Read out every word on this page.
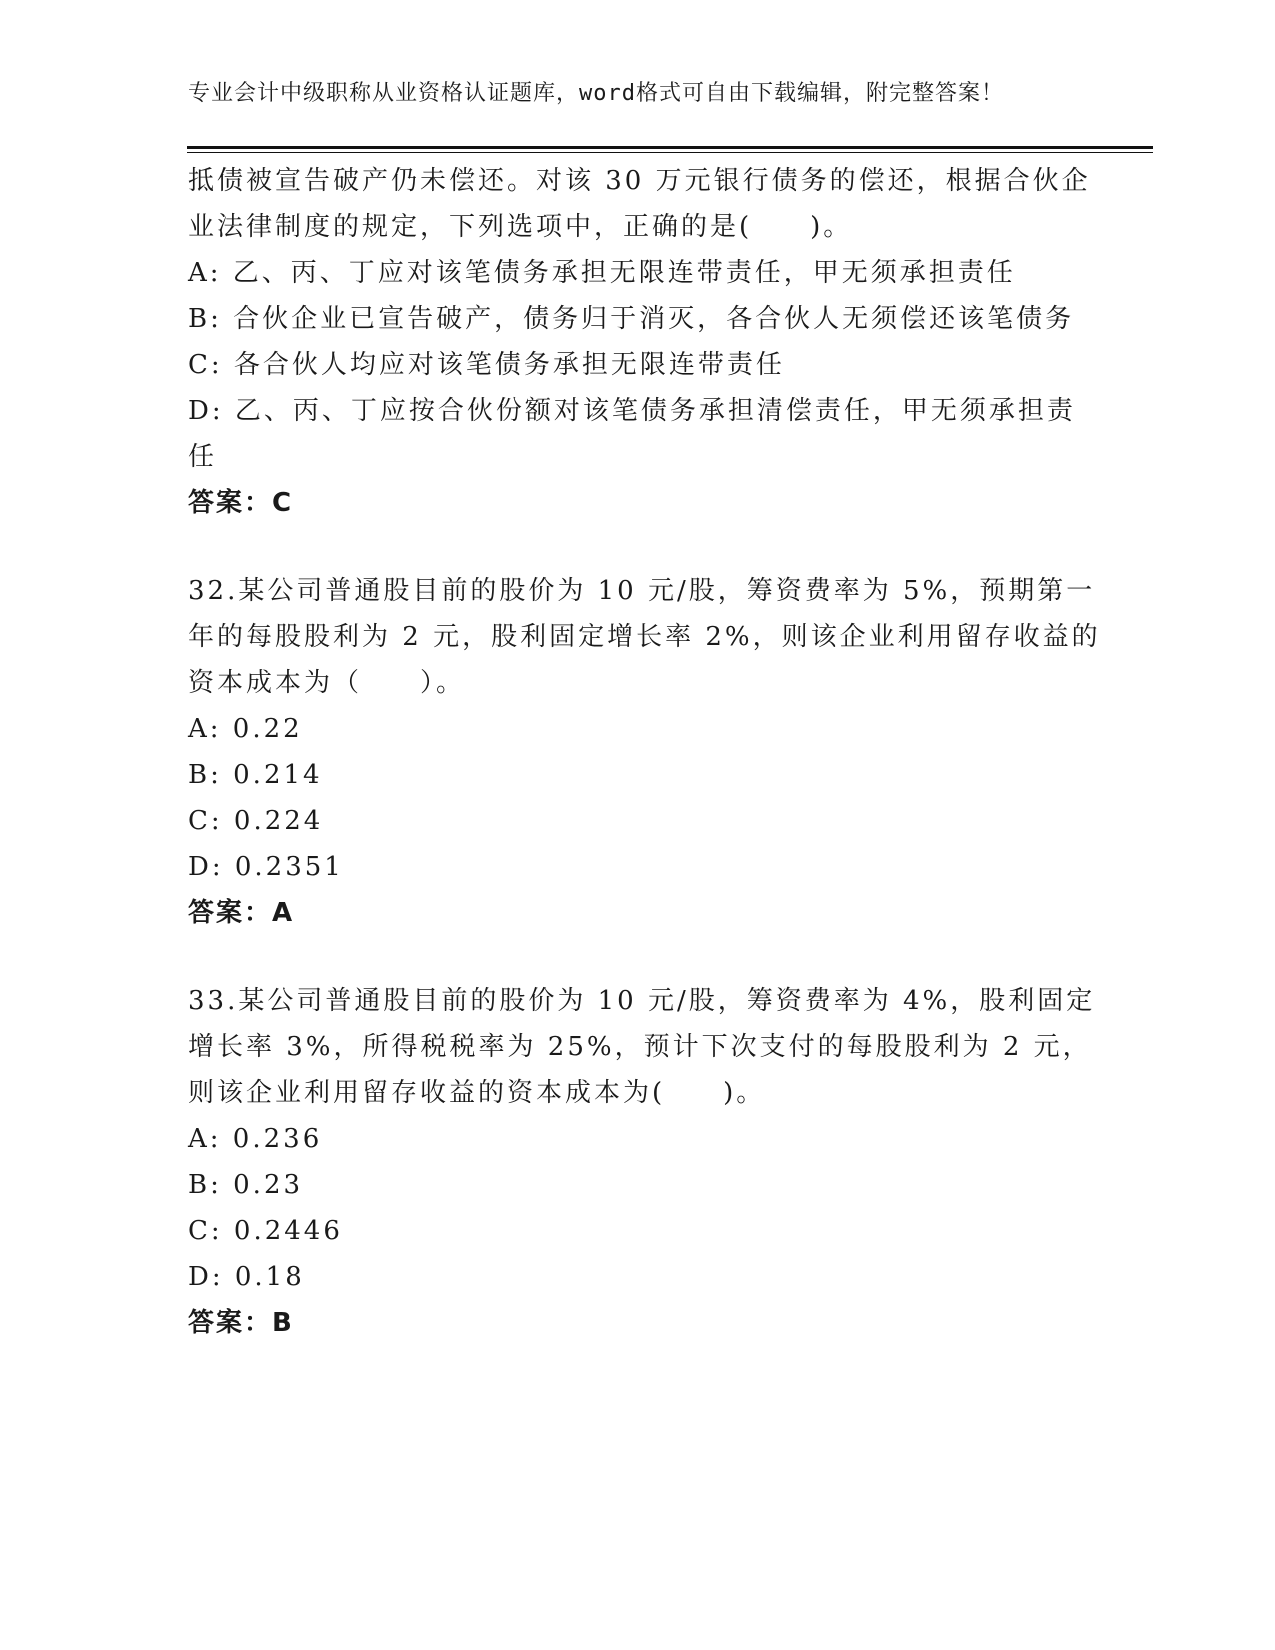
专业会计中级职称从业资格认证题库，word格式可自由下载编辑，附完整答案！
抵债被宣告破产仍未偿还。对该 30 万元银行债务的偿还，根据合伙企
业法律制度的规定，下列选项中，正确的是(　　)。
A: 乙、丙、丁应对该笔债务承担无限连带责任，甲无须承担责任
B: 合伙企业已宣告破产，债务归于消灭，各合伙人无须偿还该笔债务
C: 各合伙人均应对该笔债务承担无限连带责任
D: 乙、丙、丁应按合伙份额对该笔债务承担清偿责任，甲无须承担责
任
答案：C
32.某公司普通股目前的股价为 10 元/股，筹资费率为 5%，预期第一
年的每股股利为 2 元，股利固定增长率 2%，则该企业利用留存收益的
资本成本为（　　）。
A: 0.22
B: 0.214
C: 0.224
D: 0.2351
答案：A
33.某公司普通股目前的股价为 10 元/股，筹资费率为 4%，股利固定
增长率 3%，所得税税率为 25%，预计下次支付的每股股利为 2 元，
则该企业利用留存收益的资本成本为(　　)。
A: 0.236
B: 0.23
C: 0.2446
D: 0.18
答案：B
